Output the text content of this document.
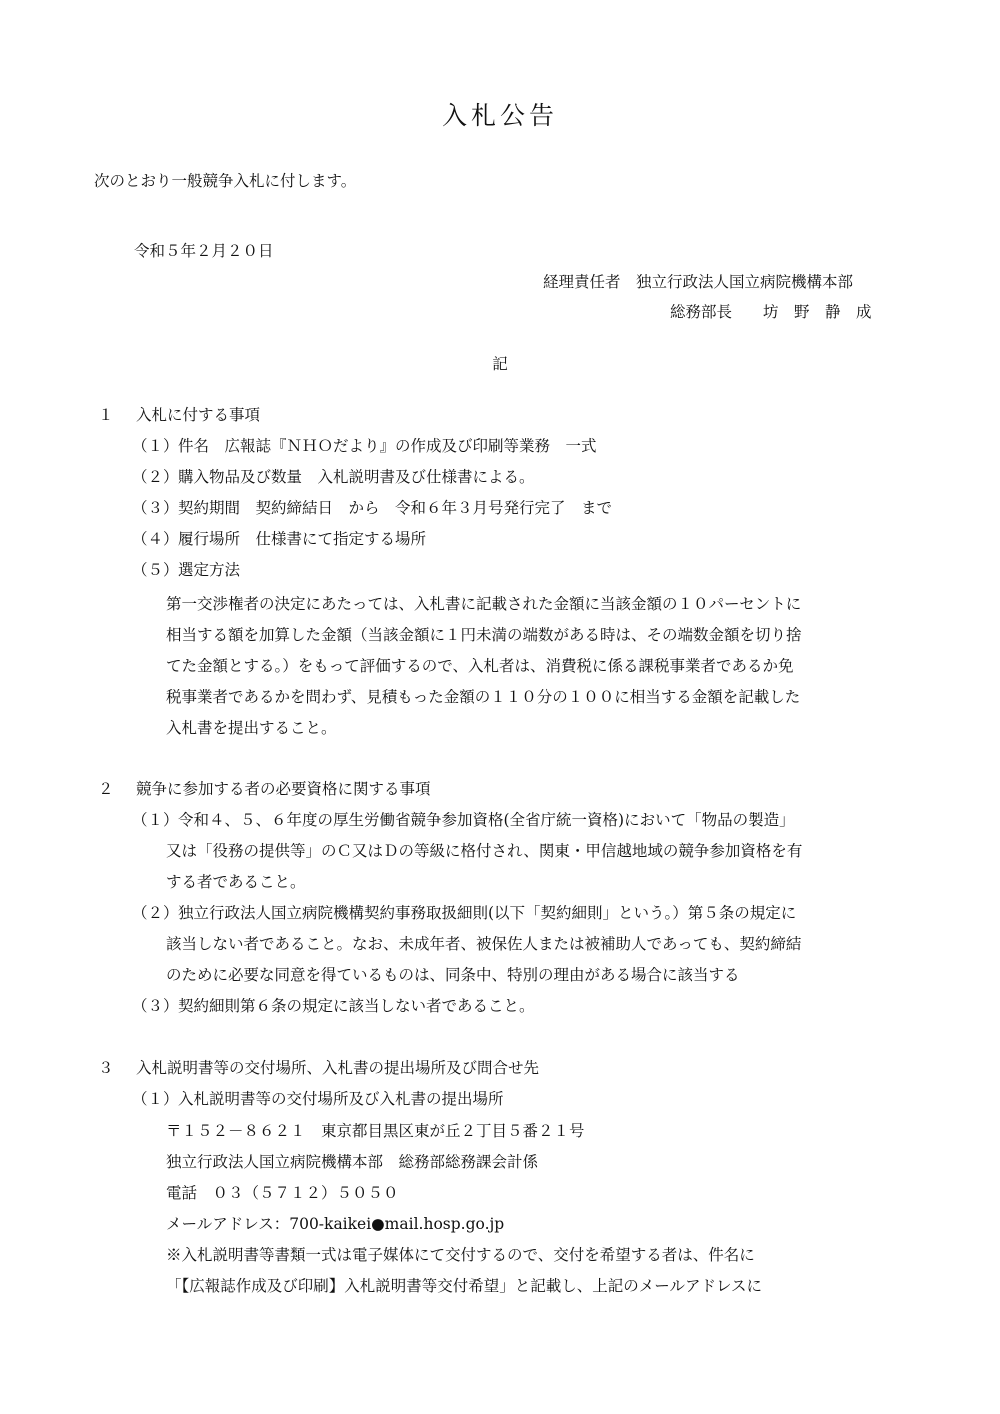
入札公告
次のとおり一般競争入札に付します。
令和５年２月２０日
経理責任者　独立行政法人国立病院機構本部
総務部長　　坊　野　静　成
記
１ 入札に付する事項
（１）件名　広報誌『ＮＨＯだより』の作成及び印刷等業務　一式
（２）購入物品及び数量　入札説明書及び仕様書による。
（３）契約期間　契約締結日　から　令和６年３月号発行完了　まで
（４）履行場所　仕様書にて指定する場所
（５）選定方法
第一交渉権者の決定にあたっては、入札書に記載された金額に当該金額の１０パーセントに
相当する額を加算した金額（当該金額に１円未満の端数がある時は、その端数金額を切り捨
てた金額とする。）をもって評価するので、入札者は、消費税に係る課税事業者であるか免
税事業者であるかを問わず、見積もった金額の１１０分の１００に相当する金額を記載した
入札書を提出すること。
２ 競争に参加する者の必要資格に関する事項
（１）令和４、５、６年度の厚生労働省競争参加資格(全省庁統一資格)において「物品の製造」
又は「役務の提供等」のＣ又はＤの等級に格付され、関東・甲信越地域の競争参加資格を有
する者であること。
（２）独立行政法人国立病院機構契約事務取扱細則(以下「契約細則」という。）第５条の規定に
該当しない者であること。なお、未成年者、被保佐人または被補助人であっても、契約締結
のために必要な同意を得ているものは、同条中、特別の理由がある場合に該当する
（３）契約細則第６条の規定に該当しない者であること。
３ 入札説明書等の交付場所、入札書の提出場所及び問合せ先
（１）入札説明書等の交付場所及び入札書の提出場所
〒１５２－８６２１　東京都目黒区東が丘２丁目５番２１号
独立行政法人国立病院機構本部　総務部総務課会計係
電話　０３（５７１２）５０５０
メールアドレス：700-kaikei●mail.hosp.go.jp
※入札説明書等書類一式は電子媒体にて交付するので、交付を希望する者は、件名に
「【広報誌作成及び印刷】入札説明書等交付希望」と記載し、上記のメールアドレスに
